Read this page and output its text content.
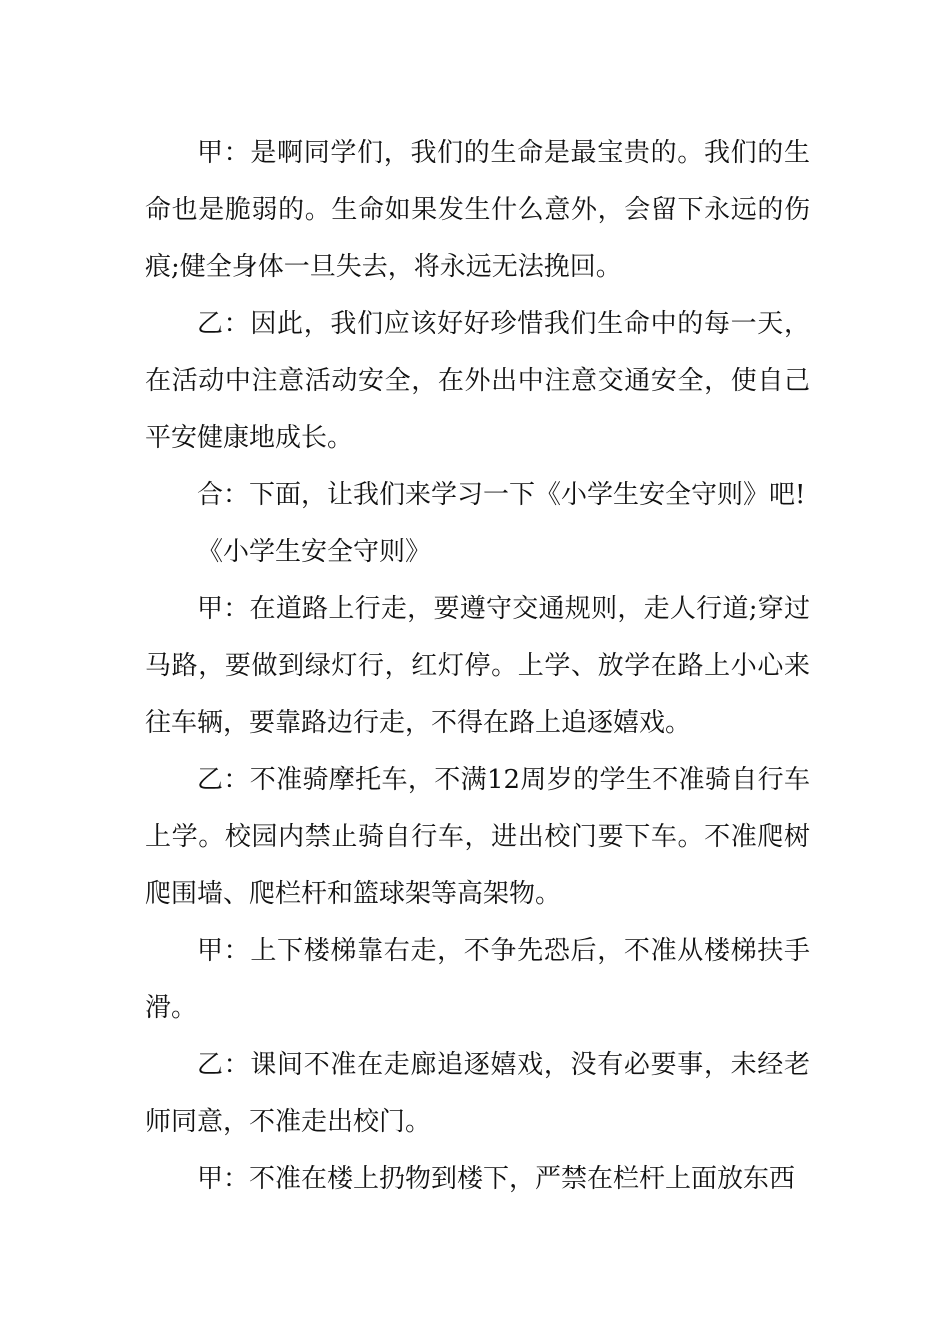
甲：是啊同学们，我们的生命是最宝贵的。我们的生命也是脆弱的。生命如果发生什么意外，会留下永远的伤痕;健全身体一旦失去，将永远无法挽回。

乙：因此，我们应该好好珍惜我们生命中的每一天，在活动中注意活动安全，在外出中注意交通安全，使自己平安健康地成长。

合：下面，让我们来学习一下《小学生安全守则》吧!

《小学生安全守则》

甲：在道路上行走，要遵守交通规则，走人行道;穿过马路，要做到绿灯行，红灯停。上学、放学在路上小心来往车辆，要靠路边行走，不得在路上追逐嬉戏。

乙：不准骑摩托车，不满12周岁的学生不准骑自行车上学。校园内禁止骑自行车，进出校门要下车。不准爬树爬围墙、爬栏杆和篮球架等高架物。

甲：上下楼梯靠右走，不争先恐后，不准从楼梯扶手滑。

乙：课间不准在走廊追逐嬉戏，没有必要事，未经老师同意，不准走出校门。

甲：不准在楼上扔物到楼下，严禁在栏杆上面放东西
